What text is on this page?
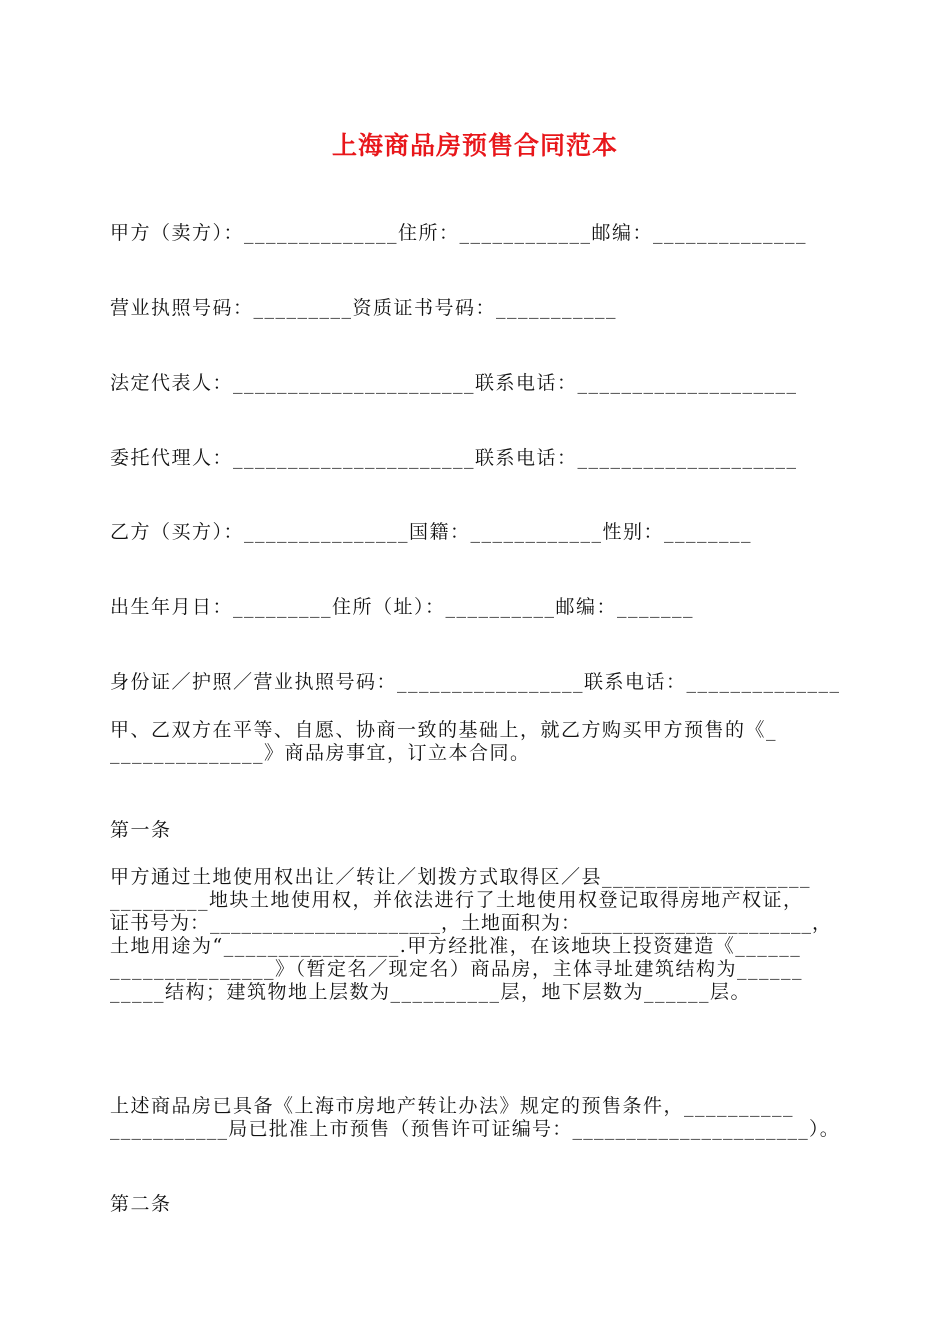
上海商品房预售合同范本
甲方（卖方）：______________住所：____________邮编：______________
营业执照号码：_________资质证书号码：___________
法定代表人：______________________联系电话：____________________
委托代理人：______________________联系电话：____________________
乙方（买方）：_______________国籍：____________性别：________
出生年月日：_________住所（址）：__________邮编：_______
身份证／护照／营业执照号码：_________________联系电话：______________
甲、乙双方在平等、自愿、协商一致的基础上，就乙方购买甲方预售的《_
______________》商品房事宜，订立本合同。
第一条
甲方通过土地使用权出让／转让／划拨方式取得区／县___________________
_________地块土地使用权，并依法进行了土地使用权登记取得房地产权证，
证书号为：______________________，土地面积为：______________________，
土地用途为“________________.甲方经批准，在该地块上投资建造《______
_______________》（暂定名／现定名）商品房，主体寻址建筑结构为______
_____结构；建筑物地上层数为__________层，地下层数为______层。
上述商品房已具备《上海市房地产转让办法》规定的预售条件，__________
___________局已批准上市预售（预售许可证编号：______________________）。
第二条
